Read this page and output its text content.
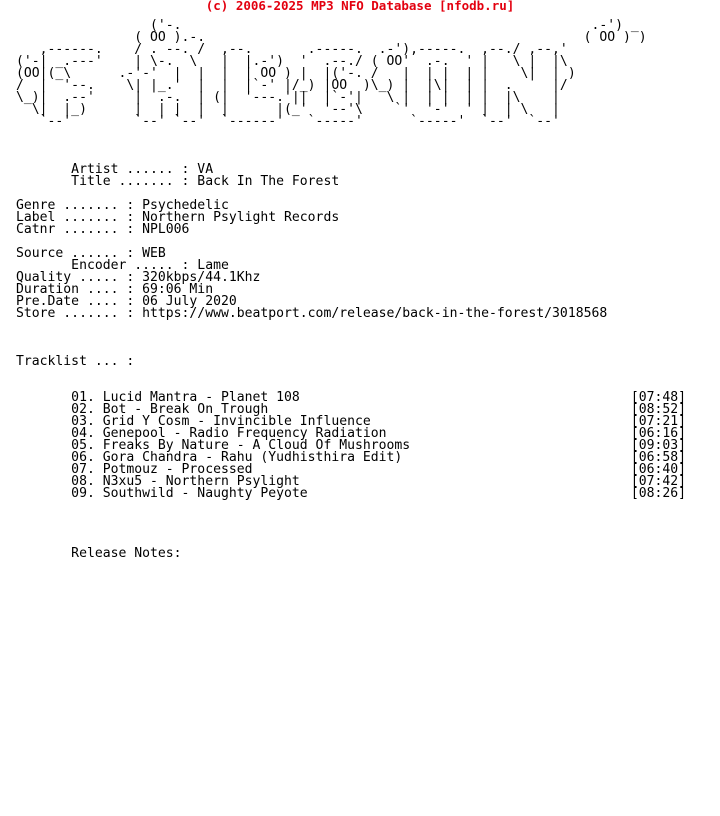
(c) 2006-2025 MP3 NFO Database [nfodb.ru]
('-.                                                    .-') _
( OO ).-.                                                ( OO ) )
,------.    / . --. /  ,--.       .-----.  .-'),-----.  ,--./ ,--,'
('-| _.---'    | \-.  \   |  |.-')  '  .--./ ( OO'  .-.  ' |   \ |  |\
(OO|(_\      .-'-'  |  |  |  | OO ) |  |('-. /   |  | |  | |    \|  | )
/  |  '--.    \| |_.'  |  |  |`-' |/_) |OO  )\_) |  |\|  | |  .     |/
\_)|  .--'     |  .-.  | (|  '---.'||  |`-'|   \ |  | |  | |  |\    |
\|  |_)      |  | |  |  |      |(_'  '--'\    `'  '-'  ' |  | \   |
`--'        `--' `--'  `------'   `-----'      `-----'  `--'  `--'

Artist ...... : VA
Title ....... : Back In The Forest

Genre ....... : Psychedelic
Label ....... : Northern Psylight Records
Catnr ....... : NPL006

Source ...... : WEB
Encoder ..... : Lame
Quality ..... : 320kbps/44.1Khz
Duration .... : 69:06 Min
Pre.Date .... : 06 July 2020
Store ....... : https://www.beatport.com/release/back-in-the-forest/3018568

Tracklist ... :

01. Lucid Mantra - Planet 108                                          [07:48]
02. Bot - Break On Trough                                              [08:52]
03. Grid Y Cosm - Invincible Influence                                 [07:21]
04. Genepool - Radio Frequency Radiation                               [06:16]
05. Freaks By Nature - A Cloud Of Mushrooms                            [09:03]
06. Gora Chandra - Rahu (Yudhisthira Edit)                             [06:58]
07. Potmouz - Processed                                                [06:40]
08. N3xu5 - Northern Psylight                                          [07:42]
09. Southwild - Naughty Peyote                                         [08:26]

Release Notes:
